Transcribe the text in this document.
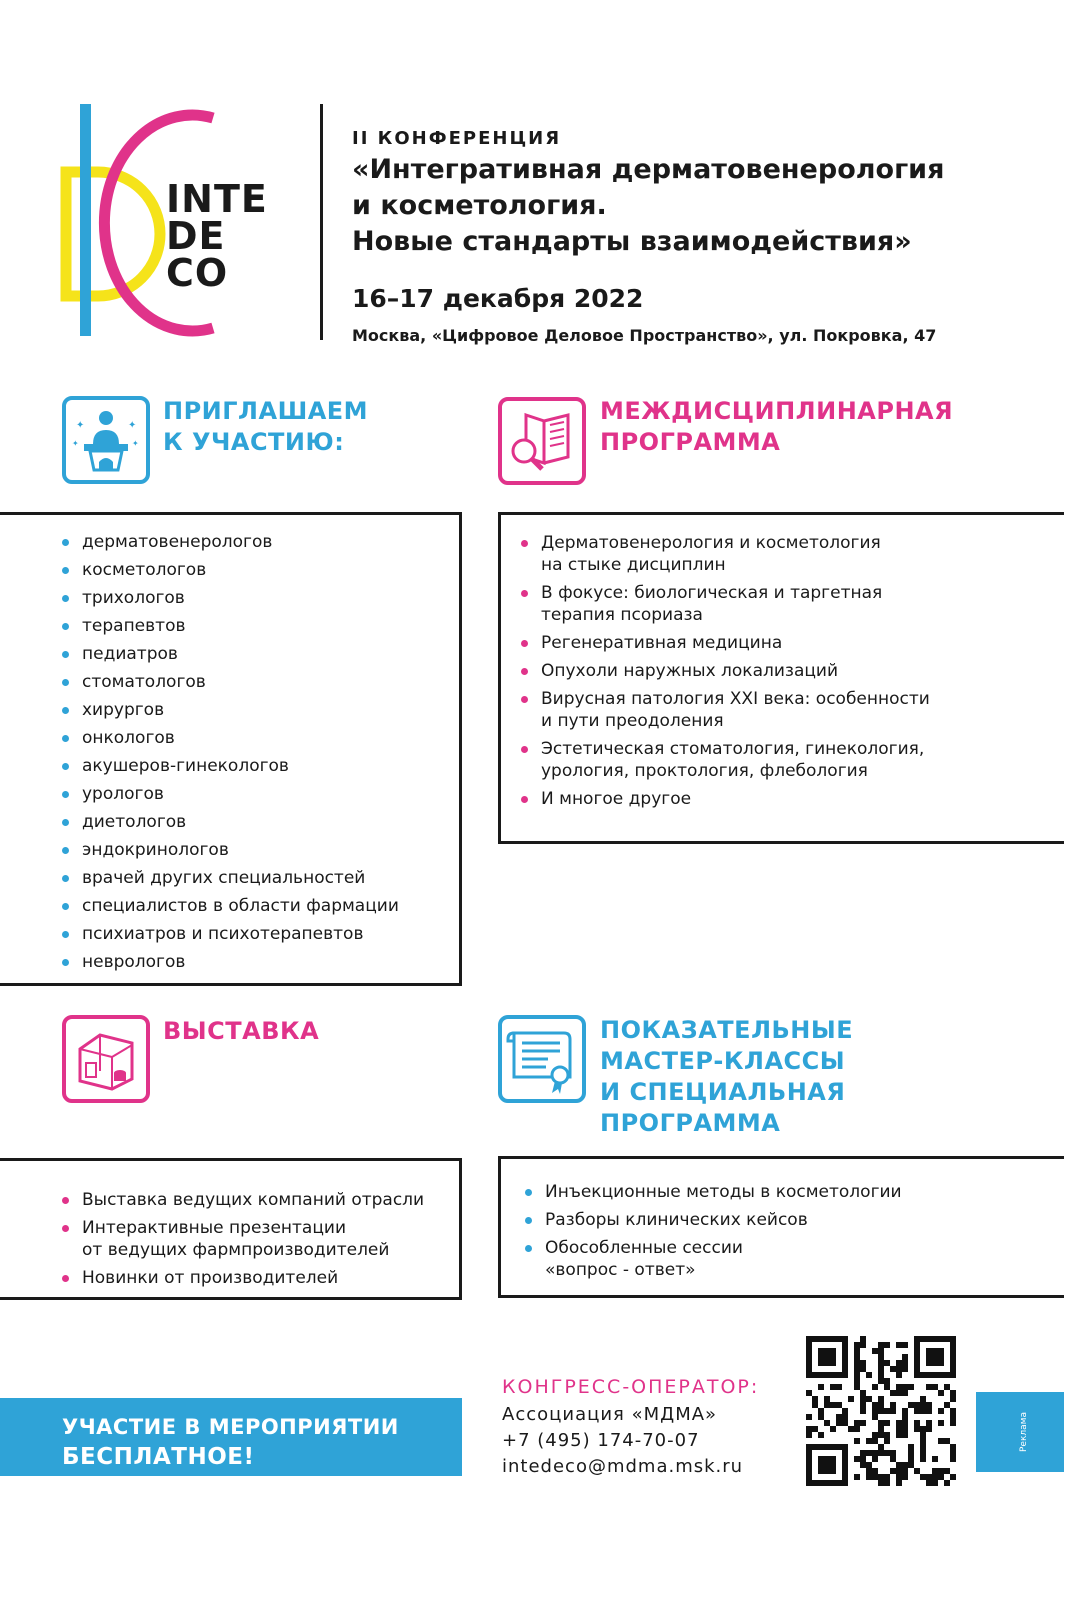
INTE
DE
CO
II КОНФЕРЕНЦИЯ
«Интегративная дерматовенерология
и косметология.
Новые стандарты взаимодействия»
16–17 декабря 2022
Москва, «Цифровое Деловое Пространство», ул. Покровка, 47
✦	✦
✦	✦
ПРИГЛАШАЕМ
К УЧАСТИЮ:
дерматовенерологов
косметологов
трихологов
терапевтов
педиатров
стоматологов
хирургов
онкологов
акушеров-гинекологов
урологов
диетологов
эндокринологов
врачей других специальностей
специалистов в области фармации
психиатров и психотерапевтов
неврологов
МЕЖДИСЦИПЛИНАРНАЯ
ПРОГРАММА
Дерматовенерология и косметология
на стыке дисциплин
В фокусе: биологическая и таргетная
терапия псориаза
Регенеративная медицина
Опухоли наружных локализаций
Вирусная патология XXI века: особенности
и пути преодоления
Эстетическая стоматология, гинекология,
урология, проктология, флебология
И многое другое
ВЫСТАВКА
Выставка ведущих компаний отрасли
Интерактивные презентации
от ведущих фармпроизводителей
Новинки от производителей
ПОКАЗАТЕЛЬНЫЕ
МАСТЕР-КЛАССЫ
И СПЕЦИАЛЬНАЯ
ПРОГРАММА
Инъекционные методы в косметологии
Разборы клинических кейсов
Обособленные сессии
«вопрос - ответ»
УЧАСТИЕ В МЕРОПРИЯТИИ
БЕСПЛАТНОЕ!
КОНГРЕСС-ОПЕРАТОР:
Ассоциация «МДМА»
+7 (495) 174-70-07
intedeco@mdma.msk.ru
Реклама
